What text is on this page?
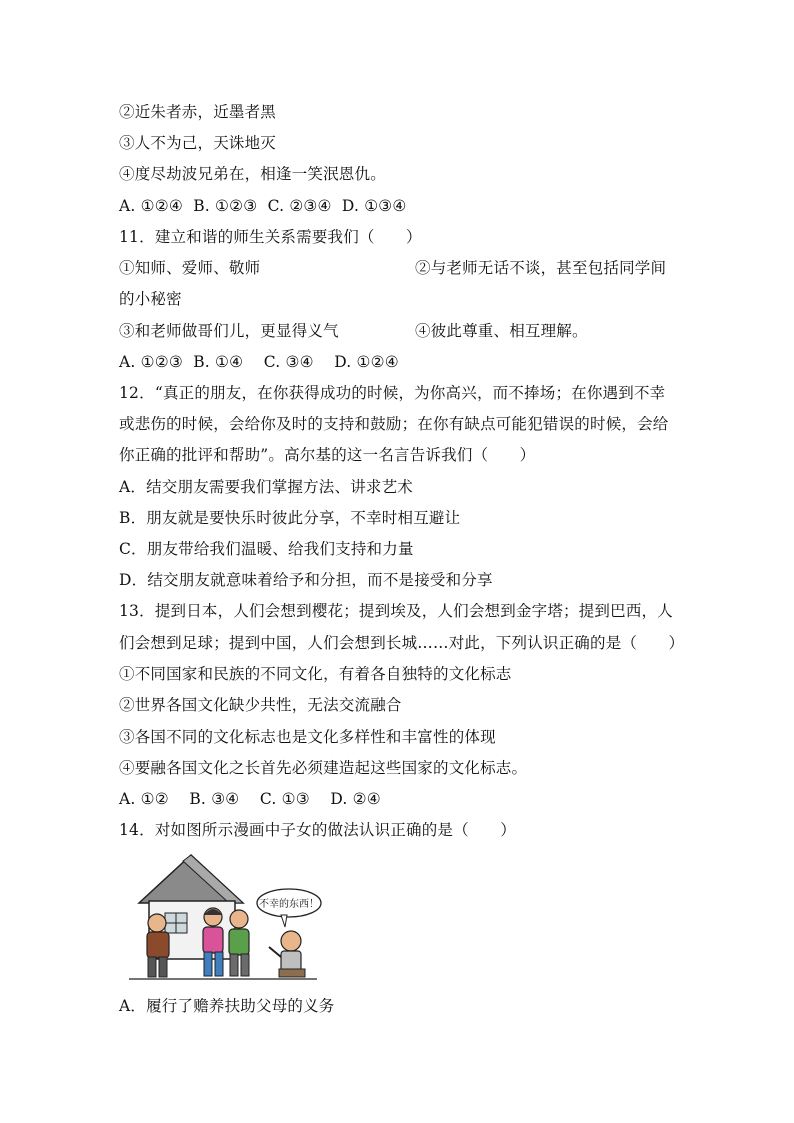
②近朱者赤，近墨者黑
③人不为己，天诛地灭
④度尽劫波兄弟在，相逢一笑泯恩仇。
A. ①②④  B. ①②③  C. ②③④  D. ①③④
11．建立和谐的师生关系需要我们（　　）
①知师、爱师、敬师	②与老师无话不谈，甚至包括同学间
的小秘密
③和老师做哥们儿，更显得义气	④彼此尊重、相互理解。
A. ①②③  B. ①④    C. ③④    D. ①②④
12．“真正的朋友，在你获得成功的时候，为你高兴，而不捧场；在你遇到不幸
或悲伤的时候，会给你及时的支持和鼓励；在你有缺点可能犯错误的时候，会给
你正确的批评和帮助”。高尔基的这一名言告诉我们（　　）
A．结交朋友需要我们掌握方法、讲求艺术
B．朋友就是要快乐时彼此分享，不幸时相互避让
C．朋友带给我们温暖、给我们支持和力量
D．结交朋友就意味着给予和分担，而不是接受和分享
13．提到日本，人们会想到樱花；提到埃及，人们会想到金字塔；提到巴西，人
们会想到足球；提到中国，人们会想到长城……对此，下列认识正确的是（　　）
①不同国家和民族的不同文化，有着各自独特的文化标志
②世界各国文化缺少共性，无法交流融合
③各国不同的文化标志也是文化多样性和丰富性的体现
④要融各国文化之长首先必须建造起这些国家的文化标志。
A. ①②    B. ③④    C. ①③    D. ②④
14．对如图所示漫画中子女的做法认识正确的是（　　）
不幸的东西！
A．履行了赡养扶助父母的义务
